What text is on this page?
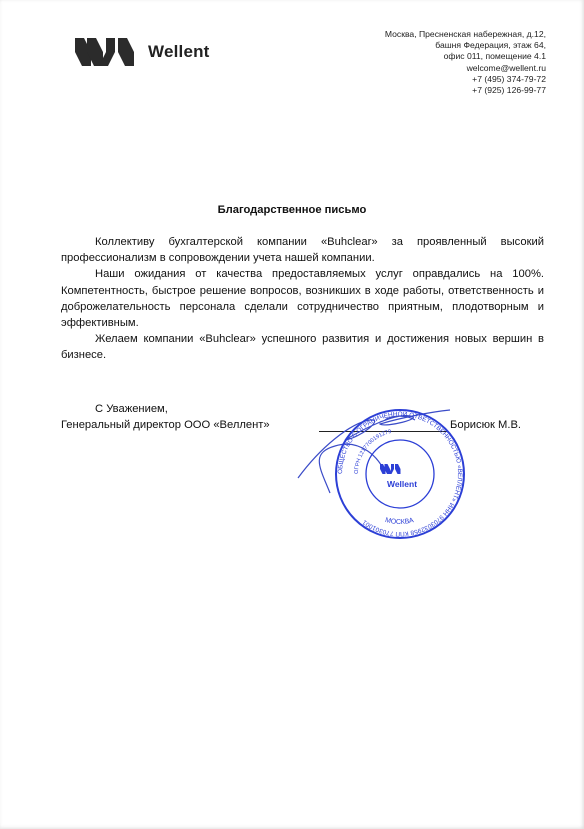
Wellent
Москва, Пресненская набережная, д.12,
башня Федерация, этаж 64,
офис 011, помещение 4.1
welcome@wellent.ru
+7 (495) 374-79-72
+7 (925) 126-99-77
Благодарственное письмо

Коллективу бухгалтерской компании «Buhclear» за проявленный высокий профессионализм в сопровождении учета нашей компании.

Наши ожидания от качества предоставляемых услуг оправдались на 100%. Компетентность, быстрое решение вопросов, возникших в ходе работы, ответственность и доброжелательность персонала сделали сотрудничество приятным, плодотворным и эффективным.

Желаем компании «Buhclear» успешного развития и достижения новых вершин в бизнесе.

С Уважением,
Генеральный директор ООО «Веллент»	Борисюк М.В.
ОБЩЕСТВО С ОГРАНИЧЕННОЙ ОТВЕТСТВЕННОСТЬЮ «ВЕЛЛЕНТ» ИНН 9703032958 КПП 770301001
ОГРН 1217700191279
МОСКВА
Wellent
